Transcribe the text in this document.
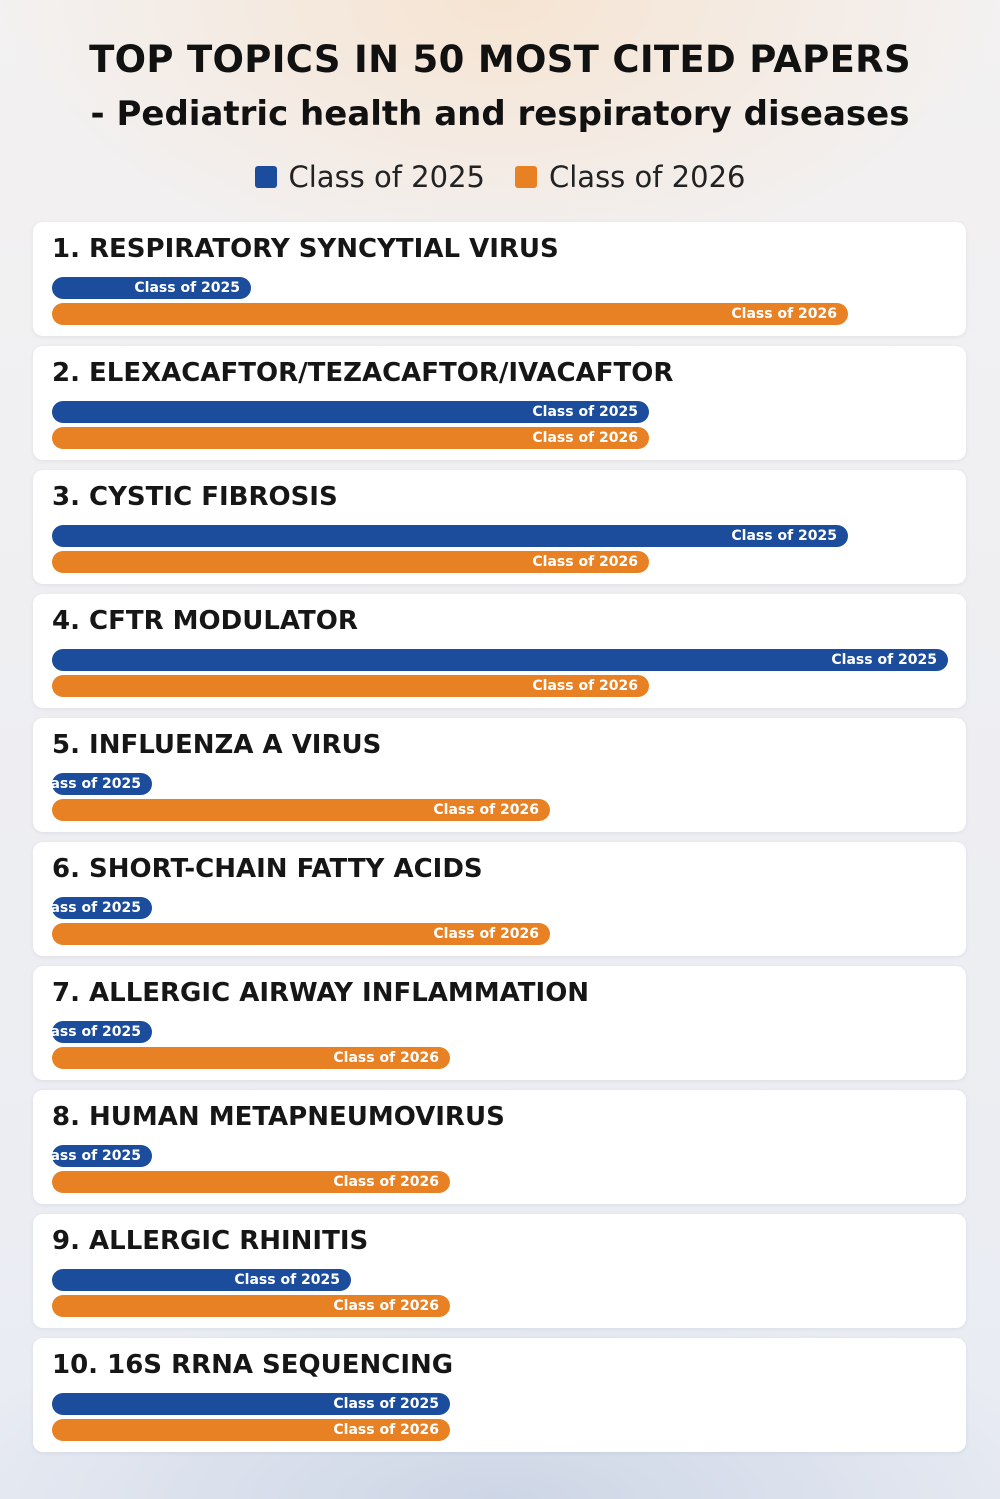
TOP TOPICS IN 50 MOST CITED PAPERS
- Pediatric health and respiratory diseases
Class of 2025 Class of 2026
1. RESPIRATORY SYNCYTIAL VIRUS
Class of 2025
Class of 2026
2. ELEXACAFTOR/TEZACAFTOR/IVACAFTOR
Class of 2025
Class of 2026
3. CYSTIC FIBROSIS
Class of 2025
Class of 2026
4. CFTR MODULATOR
Class of 2025
Class of 2026
5. INFLUENZA A VIRUS
Class of 2025
Class of 2026
6. SHORT-CHAIN FATTY ACIDS
Class of 2025
Class of 2026
7. ALLERGIC AIRWAY INFLAMMATION
Class of 2025
Class of 2026
8. HUMAN METAPNEUMOVIRUS
Class of 2025
Class of 2026
9. ALLERGIC RHINITIS
Class of 2025
Class of 2026
10. 16S RRNA SEQUENCING
Class of 2025
Class of 2026
